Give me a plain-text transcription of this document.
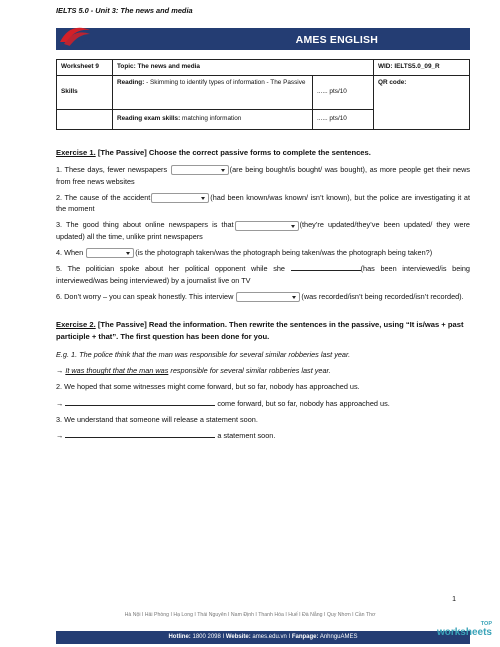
IELTS 5.0 - Unit 3: The news and media
AMES ENGLISH
Worksheet 9	Topic: The news and media		WID: IELTS5.0_09_R
Skills	Reading: - Skimming to identify types of information - The Passive	...... pts/10	QR code:
	Reading exam skills: matching information	...... pts/10	
Exercise 1. [The Passive] Choose the correct passive forms to complete the sentences.
1. These days, fewer newspapers	(are being bought/is bought/ was bought), as more people get their news from free news websites
2. The cause of the accident	(had been known/was known/ isn’t known), but the police are investigating it at the moment
3. The good thing about online newspapers is that	(they’re updated/they’ve been updated/ they were updated) all the time, unlike print newspapers
4. When	(is the photograph taken/was the photograph being taken/was the photograph being taken?)
5. The politician spoke about her political opponent while she	(has been interviewed/is being interviewed/was being interviewed) by a journalist live on TV
6. Don’t worry – you can speak honestly. This interview	(was recorded/isn’t being recorded/isn’t recorded).
Exercise 2. [The Passive] Read the information. Then rewrite the sentences in the passive, using “It is/was + past participle + that”. The first question has been done for you.
E.g. 1. The police think that the man was responsible for several similar robberies last year.
→ It was thought that the man was responsible for several similar robberies last year.
2. We hoped that some witnesses might come forward, but so far, nobody has approached us.
→	come forward, but so far, nobody has approached us.
3. We understand that someone will release a statement soon.
→	a statement soon.
1
Hà Nội I Hải Phòng I Hạ Long I Thái Nguyên I Nam Định I Thanh Hóa I Huế I Đà Nẵng I Quy Nhơn I Cần Thơ
Hotline: 1800 2098 I Website: ames.edu.vn I Fanpage: AnhnguAMES
TOP
worksheets
